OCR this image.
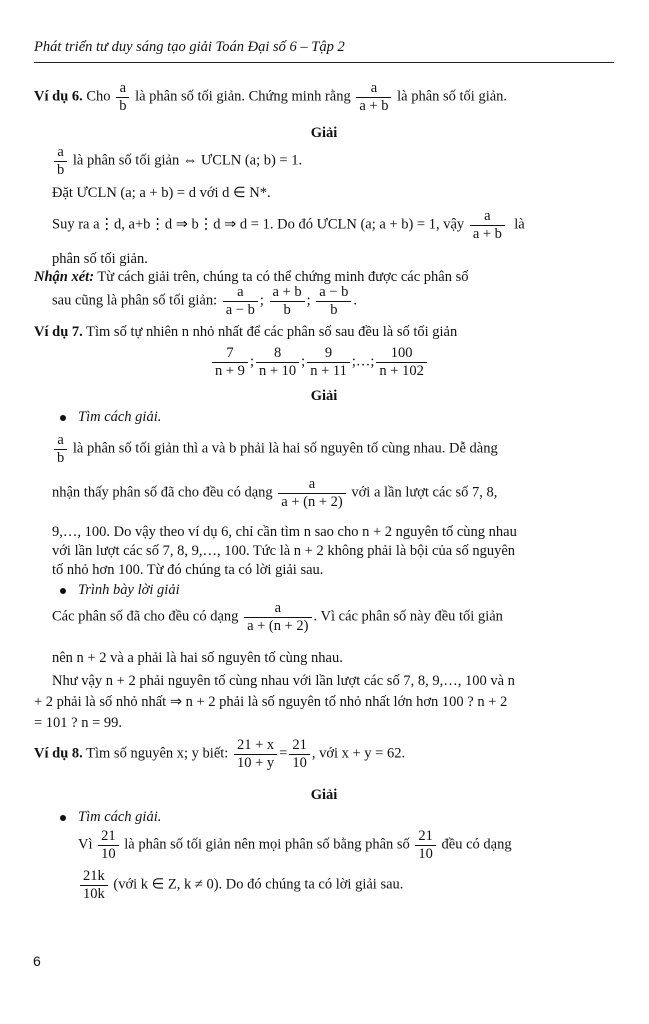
Phát triển tư duy sáng tạo giải Toán Đại số 6 – Tập 2
Ví dụ 6. Cho $\frac{a}{b}$ là phân số tối giản. Chứng minh rằng $\frac{a}{a + b}$ là phân số tối giản.
Giải
$\frac{a}{b}$ là phân số tối giản ⇔ ƯCLN (a; b) = 1.
Đặt ƯCLN (a; a + b) = d với d ∈ N*.
Suy ra a⋮d, a+b⋮d ⇒ b⋮d ⇒ d = 1. Do đó ƯCLN (a; a + b) = 1, vậy $\frac{a}{a + b}$ là
phân số tối giản.
Nhận xét: Từ cách giải trên, chúng ta có thể chứng minh được các phân số
sau cũng là phân số tối giản: $\frac{a}{a - b}$ ; $\frac{a + b}{b}$ ; $\frac{a - b}{b}$ .
Ví dụ 7. Tìm số tự nhiên n nhỏ nhất để các phân số sau đều là số tối giản
$\frac{7}{n + 9}$ ; $\frac{8}{n + 10}$ ; $\frac{9}{n + 11}$ ;…; $\frac{100}{n + 102}$
Giải
Tìm cách giải.
$\frac{a}{b}$ là phân số tối giản thì a và b phải là hai số nguyên tố cùng nhau. Dễ dàng
nhận thấy phân số đã cho đều có dạng $\frac{a}{a + (n + 2)}$ với a lần lượt các số 7, 8,
9,…, 100. Do vậy theo ví dụ 6, chỉ cần tìm n sao cho n + 2 nguyên tố cùng nhau
với lần lượt các số 7, 8, 9,…, 100. Tức là n + 2 không phải là bội của số nguyên
tố nhỏ hơn 100. Từ đó chúng ta có lời giải sau.
Trình bày lời giải
Các phân số đã cho đều có dạng $\frac{a}{a + (n + 2)}$ . Vì các phân số này đều tối giản
nên n + 2 và a phải là hai số nguyên tố cùng nhau.
Như vậy n + 2 phải nguyên tố cùng nhau với lần lượt các số 7, 8, 9,…, 100 và n
+ 2 phải là số nhỏ nhất ⇒ n + 2 phải là số nguyên tố nhỏ nhất lớn hơn 100 ? n + 2
= 101 ? n = 99.
Ví dụ 8. Tìm số nguyên x; y biết: $\frac{21 + x}{10 + y} = \frac{21}{10}$ , với x + y = 62.
Giải
Tìm cách giải.
Vì $\frac{21}{10}$ là phân số tối giản nên mọi phân số bằng phân số $\frac{21}{10}$ đều có dạng
$\frac{21k}{10k}$ (với k ∈ Z, k ≠ 0). Do đó chúng ta có lời giải sau.
6
